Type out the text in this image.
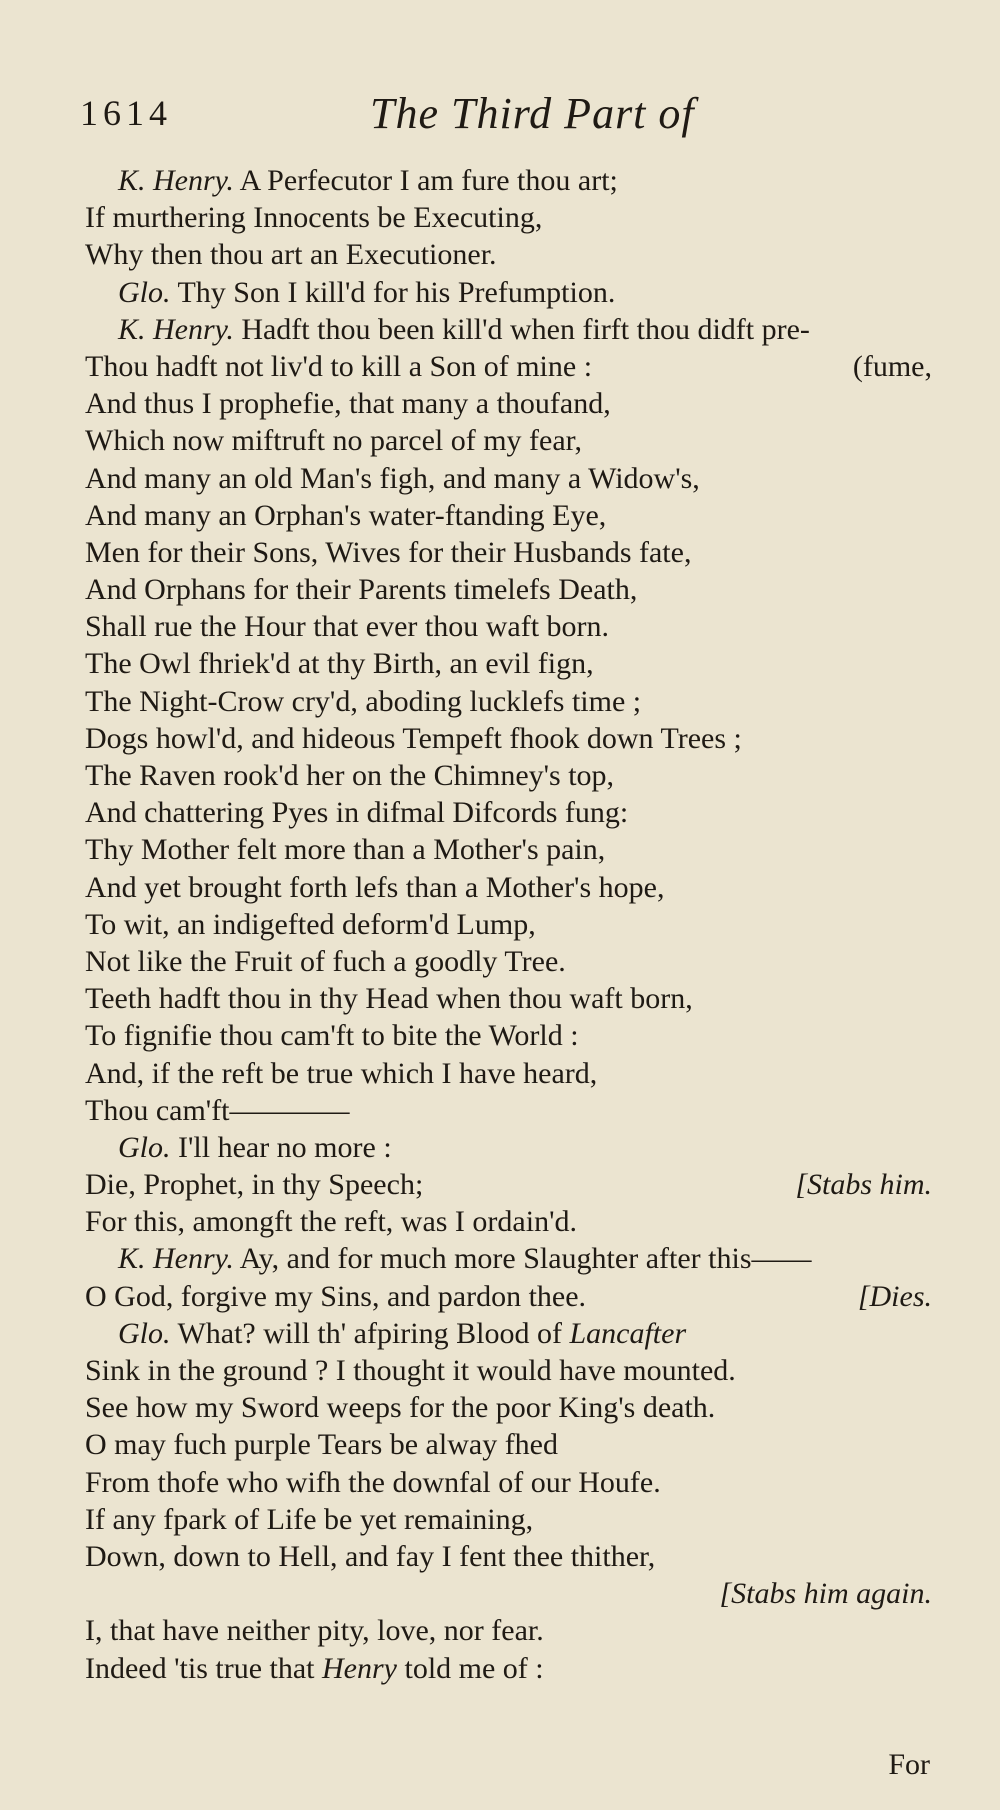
1614	The Third Part of
K. Henry. A Perfecutor I am fure thou art;
If murthering Innocents be Executing,
Why then thou art an Executioner.
Glo. Thy Son I kill'd for his Prefumption.
K. Henry. Hadft thou been kill'd when firft thou didft pre-
Thou hadft not liv'd to kill a Son of mine :	(fume,
And thus I prophefie, that many a thoufand,
Which now miftruft no parcel of my fear,
And many an old Man's figh, and many a Widow's,
And many an Orphan's water-ftanding Eye,
Men for their Sons, Wives for their Husbands fate,
And Orphans for their Parents timelefs Death,
Shall rue the Hour that ever thou waft born.
The Owl fhriek'd at thy Birth, an evil fign,
The Night-Crow cry'd, aboding lucklefs time ;
Dogs howl'd, and hideous Tempeft fhook down Trees ;
The Raven rook'd her on the Chimney's top,
And chattering Pyes in difmal Difcords fung:
Thy Mother felt more than a Mother's pain,
And yet brought forth lefs than a Mother's hope,
To wit, an indigefted deform'd Lump,
Not like the Fruit of fuch a goodly Tree.
Teeth hadft thou in thy Head when thou waft born,
To fignifie thou cam'ft to bite the World :
And, if the reft be true which I have heard,
Thou cam'ft————
Glo. I'll hear no more :
Die, Prophet, in thy Speech;	[Stabs him.
For this, amongft the reft, was I ordain'd.
K. Henry. Ay, and for much more Slaughter after this——
O God, forgive my Sins, and pardon thee.	[Dies.
Glo. What? will th' afpiring Blood of Lancafter
Sink in the ground ? I thought it would have mounted.
See how my Sword weeps for the poor King's death.
O may fuch purple Tears be alway fhed
From thofe who wifh the downfal of our Houfe.
If any fpark of Life be yet remaining,
Down, down to Hell, and fay I fent thee thither,
[Stabs him again.
I, that have neither pity, love, nor fear.
Indeed 'tis true that Henry told me of :
For
